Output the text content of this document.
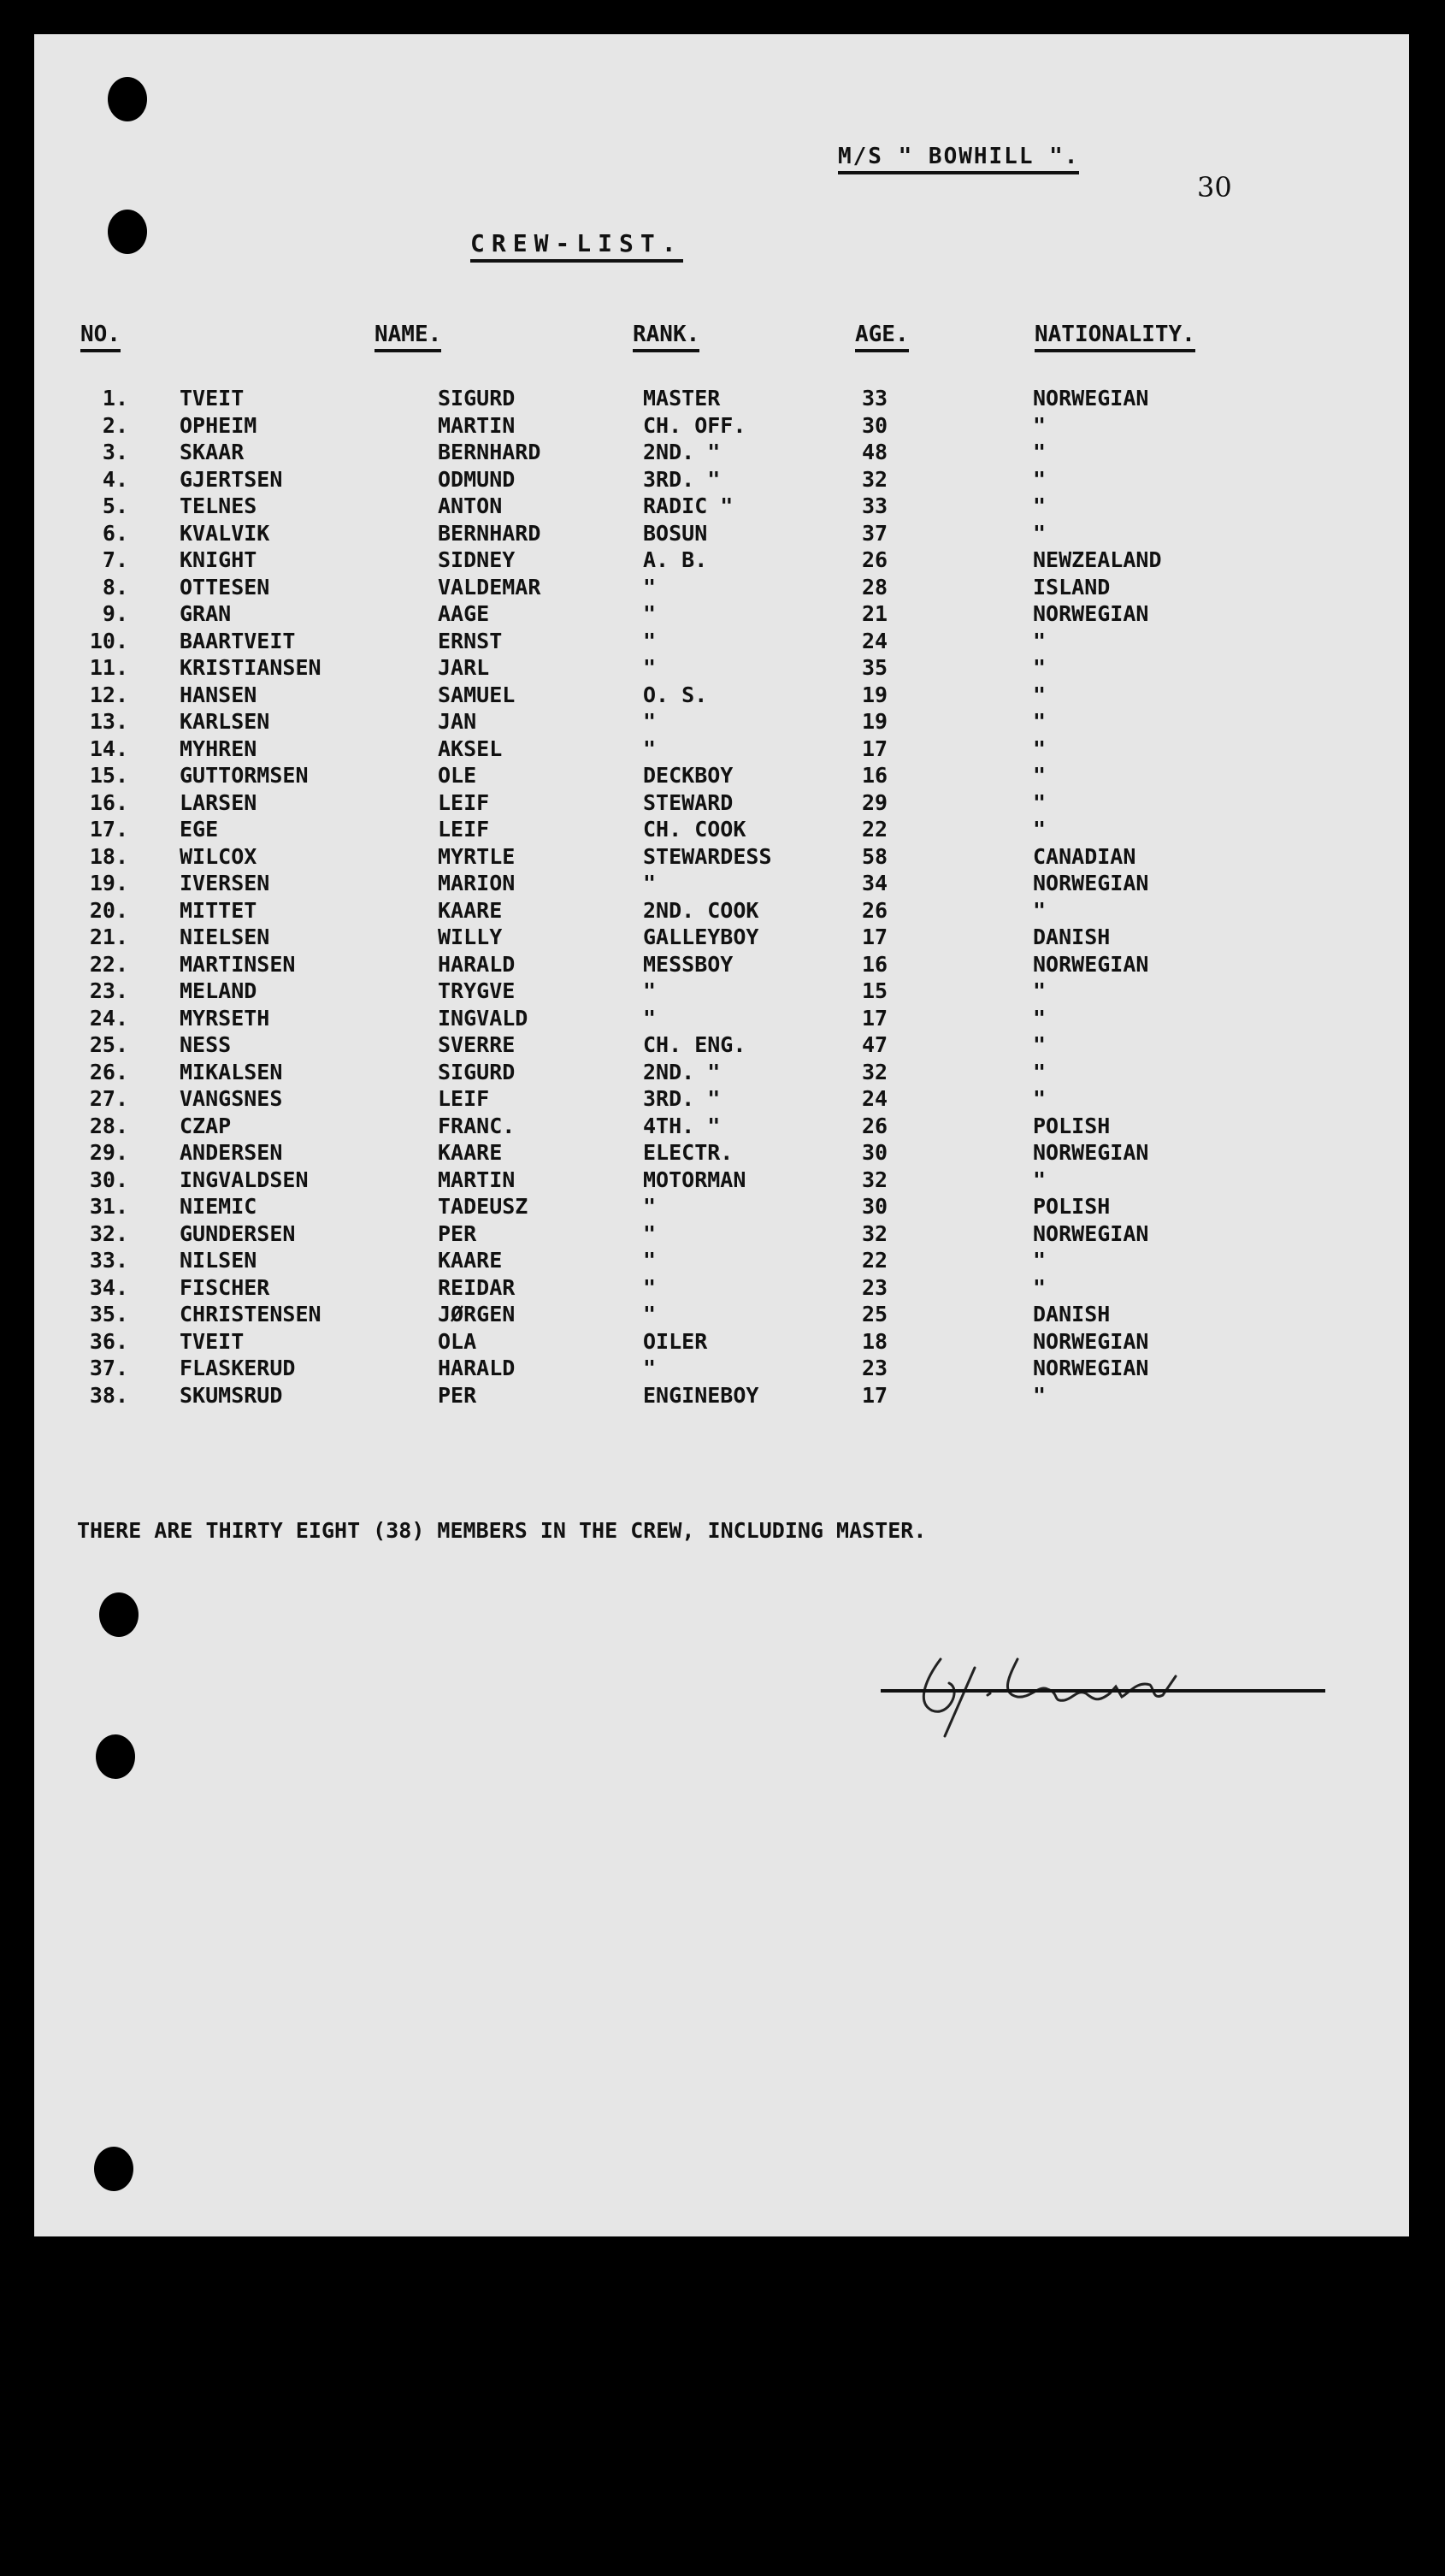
M/S " BOWHILL ".
30
CREW-LIST.
NO.	NAME.	RANK.	AGE.	NATIONALITY.
1. TVEIT	SIGURD	MASTER	33	NORWEGIAN
2. OPHEIM	MARTIN	CH. OFF.	30	"
3. SKAAR	BERNHARD	2ND. "	48	"
4. GJERTSEN	ODMUND	3RD. "	32	"
5. TELNES	ANTON	RADIC "	33	"
6. KVALVIK	BERNHARD	BOSUN	37	"
7. KNIGHT	SIDNEY	A. B.	26	NEWZEALAND
8. OTTESEN	VALDEMAR	"	28	ISLAND
9. GRAN	AAGE	"	21	NORWEGIAN
10. BAARTVEIT	ERNST	"	24	"
11. KRISTIANSEN	JARL	"	35	"
12. HANSEN	SAMUEL	O. S.	19	"
13. KARLSEN	JAN	"	19	"
14. MYHREN	AKSEL	"	17	"
15. GUTTORMSEN	OLE	DECKBOY	16	"
16. LARSEN	LEIF	STEWARD	29	"
17. EGE	LEIF	CH. COOK	22	"
18. WILCOX	MYRTLE	STEWARDESS	58	CANADIAN
19. IVERSEN	MARION	"	34	NORWEGIAN
20. MITTET	KAARE	2ND. COOK	26	"
21. NIELSEN	WILLY	GALLEYBOY	17	DANISH
22. MARTINSEN	HARALD	MESSBOY	16	NORWEGIAN
23. MELAND	TRYGVE	"	15	"
24. MYRSETH	INGVALD	"	17	"
25. NESS	SVERRE	CH. ENG.	47	"
26. MIKALSEN	SIGURD	2ND. "	32	"
27. VANGSNES	LEIF	3RD. "	24	"
28. CZAP	FRANC.	4TH. "	26	POLISH
29. ANDERSEN	KAARE	ELECTR.	30	NORWEGIAN
30. INGVALDSEN	MARTIN	MOTORMAN	32	"
31. NIEMIC	TADEUSZ	"	30	POLISH
32. GUNDERSEN	PER	"	32	NORWEGIAN
33. NILSEN	KAARE	"	22	"
34. FISCHER	REIDAR	"	23	"
35. CHRISTENSEN	JØRGEN	"	25	DANISH
36. TVEIT	OLA	OILER	18	NORWEGIAN
37. FLASKERUD	HARALD	"	23	NORWEGIAN
38. SKUMSRUD	PER	ENGINEBOY	17	"
THERE ARE THIRTY EIGHT (38) MEMBERS IN THE CREW, INCLUDING MASTER.
